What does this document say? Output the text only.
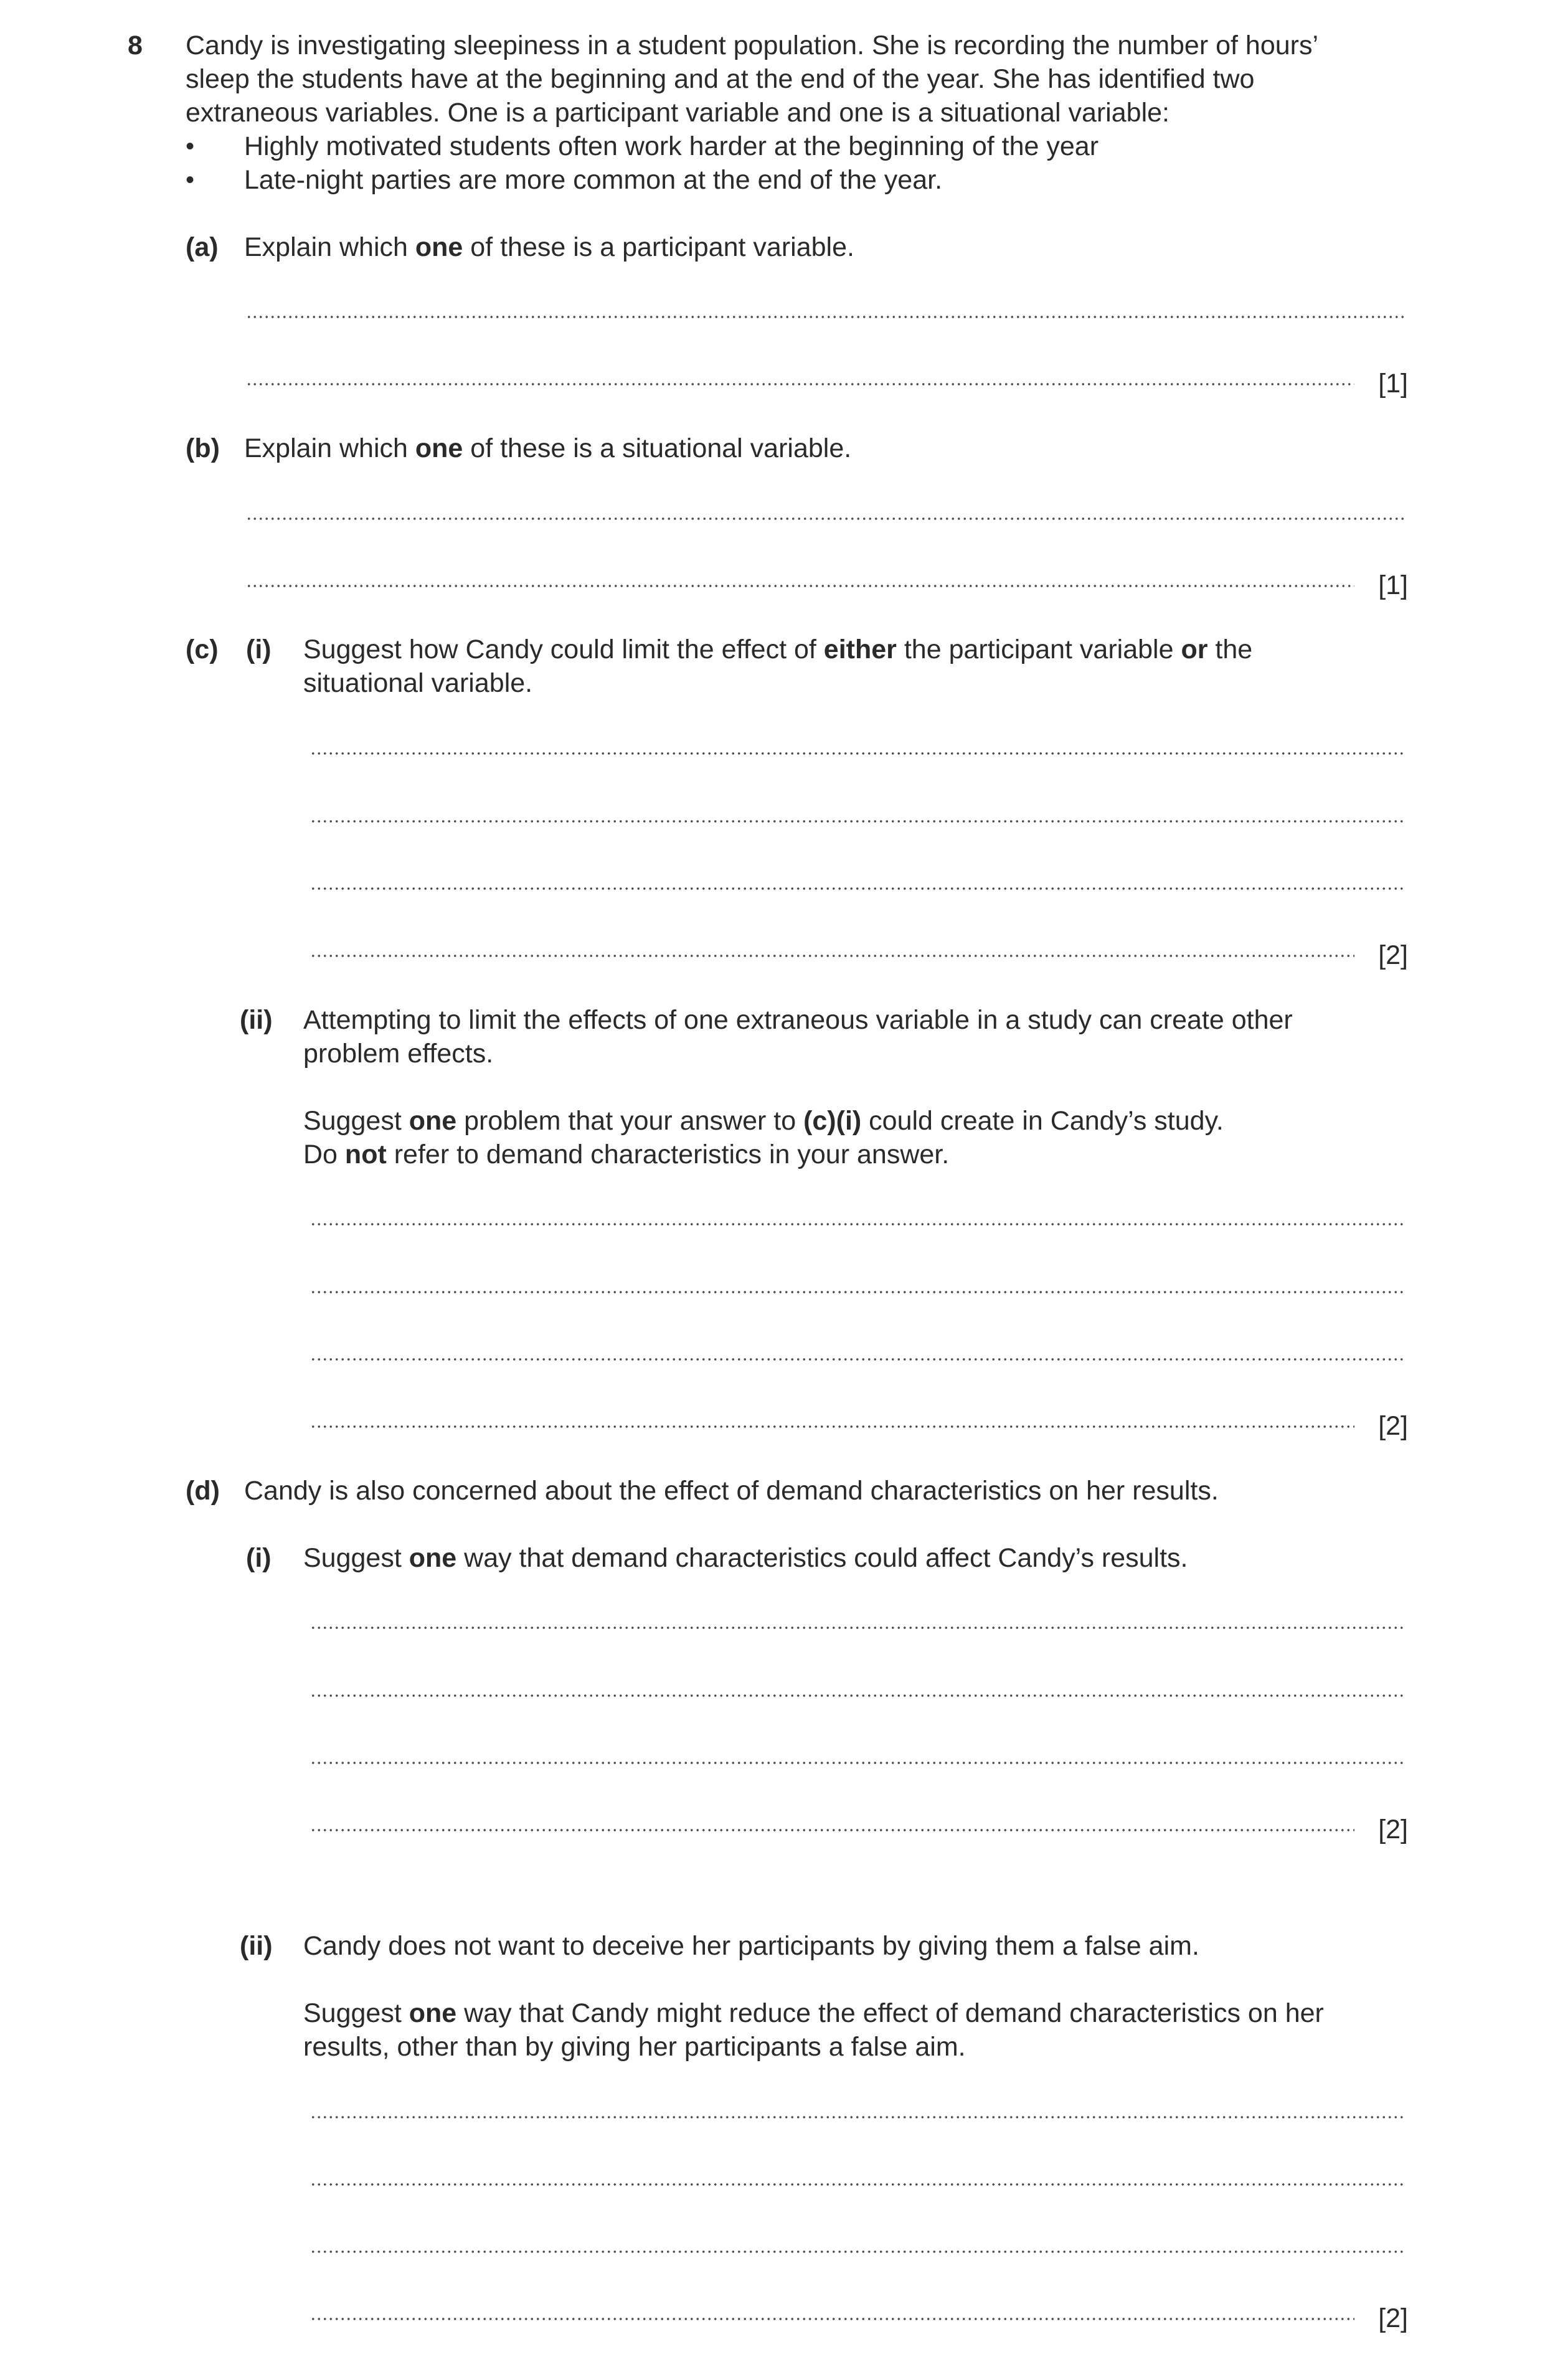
8 Candy is investigating sleepiness in a student population. She is recording the number of hours’
sleep the students have at the beginning and at the end of the year. She has identified two
extraneous variables. One is a participant variable and one is a situational variable:
• Highly motivated students often work harder at the beginning of the year
• Late-night parties are more common at the end of the year.
(a) Explain which one of these is a participant variable.
[1]
(b) Explain which one of these is a situational variable.
[1]
(c) (i) Suggest how Candy could limit the effect of either the participant variable or the
situational variable.
[2]
(ii) Attempting to limit the effects of one extraneous variable in a study can create other
problem effects.
Suggest one problem that your answer to (c)(i) could create in Candy’s study.
Do not refer to demand characteristics in your answer.
[2]
(d) Candy is also concerned about the effect of demand characteristics on her results.
(i) Suggest one way that demand characteristics could affect Candy’s results.
[2]
(ii) Candy does not want to deceive her participants by giving them a false aim.
Suggest one way that Candy might reduce the effect of demand characteristics on her
results, other than by giving her participants a false aim.
[2]
